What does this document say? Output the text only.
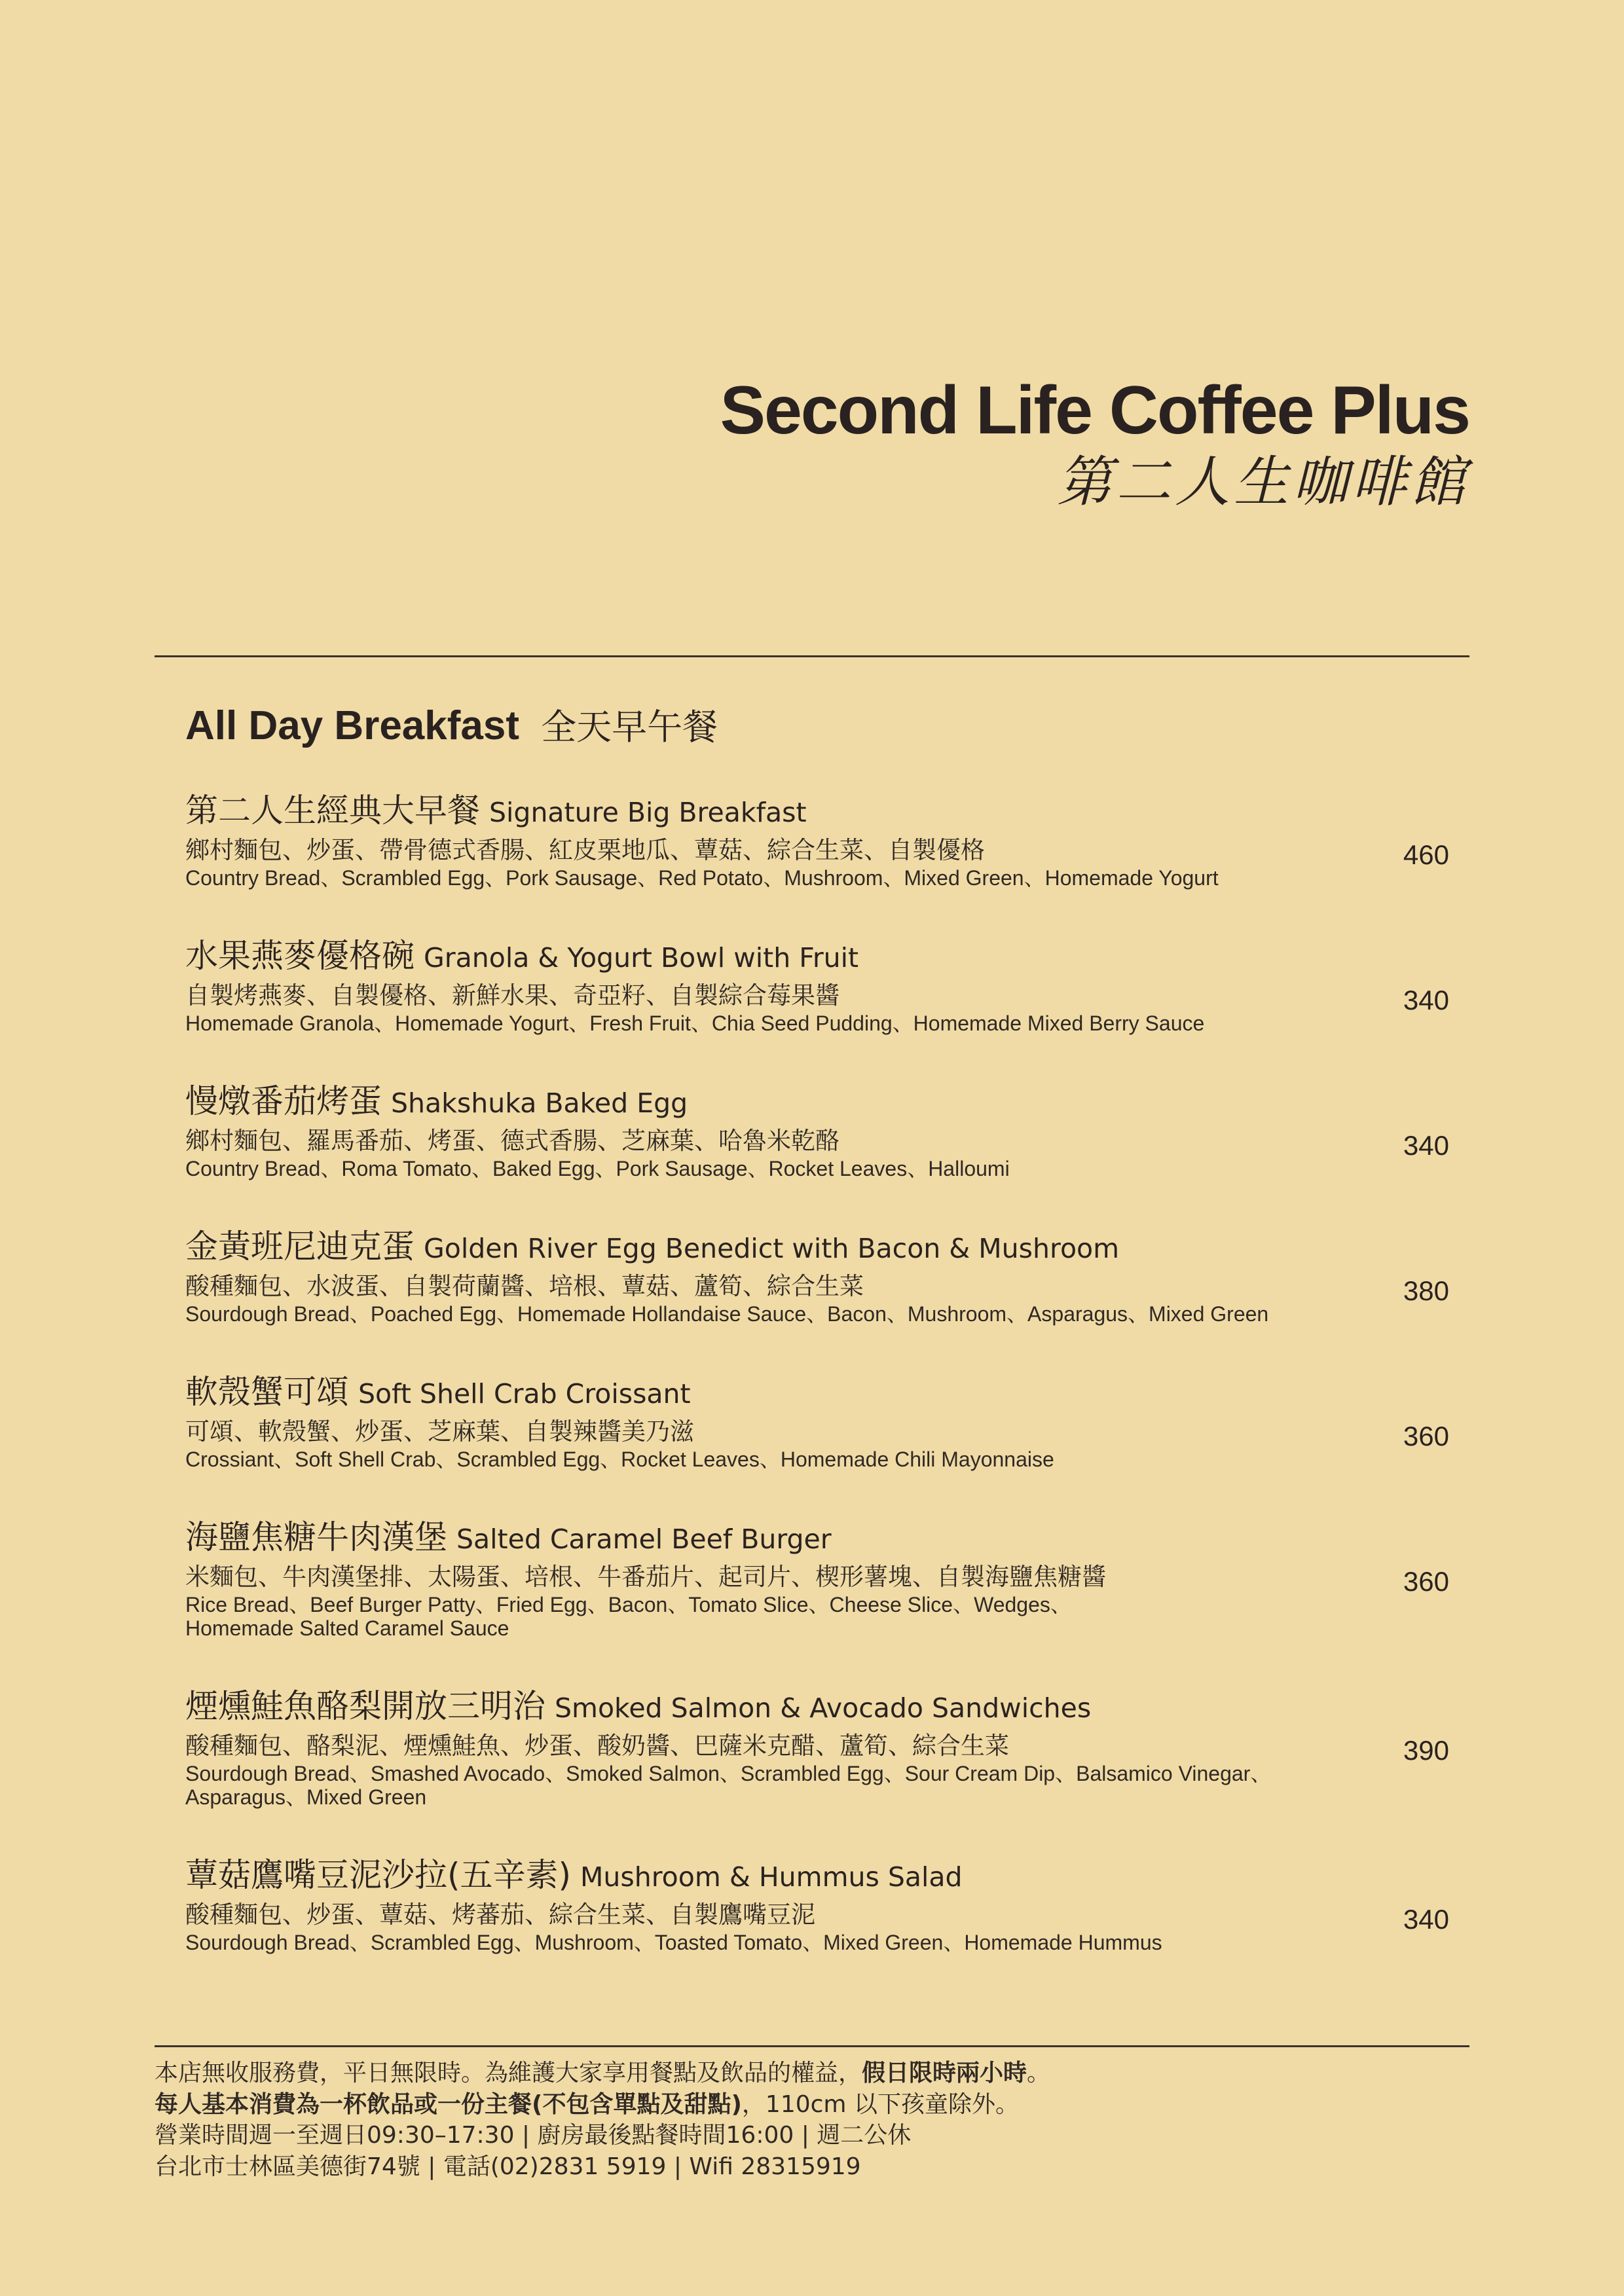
Second Life Coffee Plus
第二人生咖啡館
All Day Breakfast 全天早午餐
第二人生經典大早餐 Signature Big Breakfast
鄉村麵包、炒蛋、帶骨德式香腸、紅皮栗地瓜、蕈菇、綜合生菜、自製優格
Country Bread、Scrambled Egg、Pork Sausage、Red Potato、Mushroom、Mixed Green、Homemade Yogurt
460
水果燕麥優格碗 Granola & Yogurt Bowl with Fruit
自製烤燕麥、自製優格、新鮮水果、奇亞籽、自製綜合莓果醬
Homemade Granola、Homemade Yogurt、Fresh Fruit、Chia Seed Pudding、Homemade Mixed Berry Sauce
340
慢燉番茄烤蛋 Shakshuka Baked Egg
鄉村麵包、羅馬番茄、烤蛋、德式香腸、芝麻葉、哈魯米乾酪
Country Bread、Roma Tomato、Baked Egg、Pork Sausage、Rocket Leaves、Halloumi
340
金黃班尼迪克蛋 Golden River Egg Benedict with Bacon & Mushroom
酸種麵包、水波蛋、自製荷蘭醬、培根、蕈菇、蘆筍、綜合生菜
Sourdough Bread、Poached Egg、Homemade Hollandaise Sauce、Bacon、Mushroom、Asparagus、Mixed Green
380
軟殼蟹可頌 Soft Shell Crab Croissant
可頌、軟殼蟹、炒蛋、芝麻葉、自製辣醬美乃滋
Crossiant、Soft Shell Crab、Scrambled Egg、Rocket Leaves、Homemade Chili Mayonnaise
360
海鹽焦糖牛肉漢堡 Salted Caramel Beef Burger
米麵包、牛肉漢堡排、太陽蛋、培根、牛番茄片、起司片、楔形薯塊、自製海鹽焦糖醬
Rice Bread、Beef Burger Patty、Fried Egg、Bacon、Tomato Slice、Cheese Slice、Wedges、Homemade Salted Caramel Sauce
360
煙燻鮭魚酪梨開放三明治 Smoked Salmon & Avocado Sandwiches
酸種麵包、酪梨泥、煙燻鮭魚、炒蛋、酸奶醬、巴薩米克醋、蘆筍、綜合生菜
Sourdough Bread、Smashed Avocado、Smoked Salmon、Scrambled Egg、Sour Cream Dip、Balsamico Vinegar、Asparagus、Mixed Green
390
蕈菇鷹嘴豆泥沙拉(五辛素) Mushroom & Hummus Salad
酸種麵包、炒蛋、蕈菇、烤蕃茄、綜合生菜、自製鷹嘴豆泥
Sourdough Bread、Scrambled Egg、Mushroom、Toasted Tomato、Mixed Green、Homemade Hummus
340
本店無收服務費，平日無限時。為維護大家享用餐點及飲品的權益，假日限時兩小時。
每人基本消費為一杯飲品或一份主餐(不包含單點及甜點)，110cm 以下孩童除外。
營業時間週一至週日09:30–17:30 | 廚房最後點餐時間16:00 | 週二公休
台北市士林區美德街74號 | 電話(02)2831 5919 | Wifi 28315919
